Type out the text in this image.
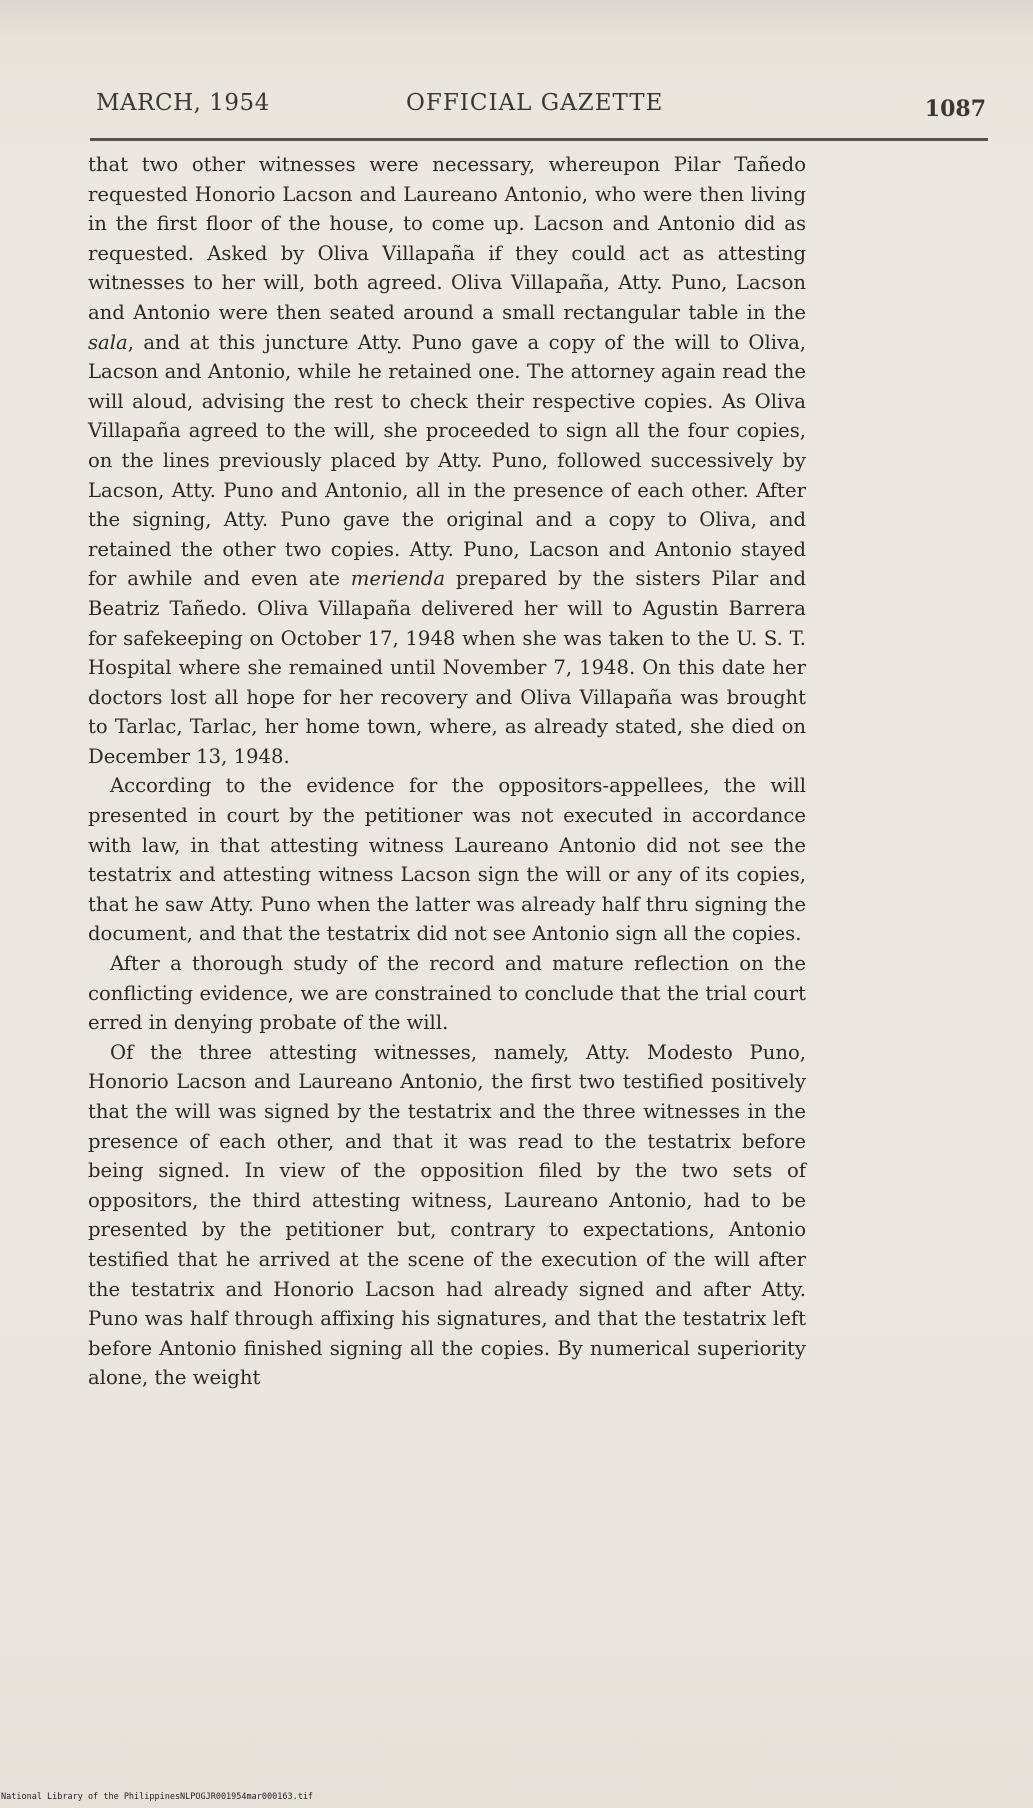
MARCH, 1954	OFFICIAL GAZETTE	1087

that two other witnesses were necessary, whereupon Pilar Tañedo requested Honorio Lacson and Laureano Antonio, who were then living in the first floor of the house, to come up. Lacson and Antonio did as requested. Asked by Oliva Villapaña if they could act as attesting witnesses to her will, both agreed. Oliva Villapaña, Atty. Puno, Lacson and Antonio were then seated around a small rectangular table in the sala, and at this juncture Atty. Puno gave a copy of the will to Oliva, Lacson and Antonio, while he retained one. The attorney again read the will aloud, advising the rest to check their respective copies. As Oliva Villapaña agreed to the will, she proceeded to sign all the four copies, on the lines previously placed by Atty. Puno, followed successively by Lacson, Atty. Puno and Antonio, all in the presence of each other. After the signing, Atty. Puno gave the original and a copy to Oliva, and retained the other two copies. Atty. Puno, Lacson and Antonio stayed for awhile and even ate merienda prepared by the sisters Pilar and Beatriz Tañedo. Oliva Villapaña delivered her will to Agustin Barrera for safekeeping on October 17, 1948 when she was taken to the U. S. T. Hospital where she remained until November 7, 1948. On this date her doctors lost all hope for her recovery and Oliva Villapaña was brought to Tarlac, Tarlac, her home town, where, as already stated, she died on December 13, 1948.

According to the evidence for the oppositors-appellees, the will presented in court by the petitioner was not executed in accordance with law, in that attesting witness Laureano Antonio did not see the testatrix and attesting witness Lacson sign the will or any of its copies, that he saw Atty. Puno when the latter was already half thru signing the document, and that the testatrix did not see Antonio sign all the copies.

After a thorough study of the record and mature reflection on the conflicting evidence, we are constrained to conclude that the trial court erred in denying probate of the will.

Of the three attesting witnesses, namely, Atty. Modesto Puno, Honorio Lacson and Laureano Antonio, the first two testified positively that the will was signed by the testatrix and the three witnesses in the presence of each other, and that it was read to the testatrix before being signed. In view of the opposition filed by the two sets of oppositors, the third attesting witness, Laureano Antonio, had to be presented by the petitioner but, contrary to expectations, Antonio testified that he arrived at the scene of the execution of the will after the testatrix and Honorio Lacson had already signed and after Atty. Puno was half through affixing his signatures, and that the testatrix left before Antonio finished signing all the copies. By numerical superiority alone, the weight

National Library of the Philippines NLPOGJR001954mar000163.tif
